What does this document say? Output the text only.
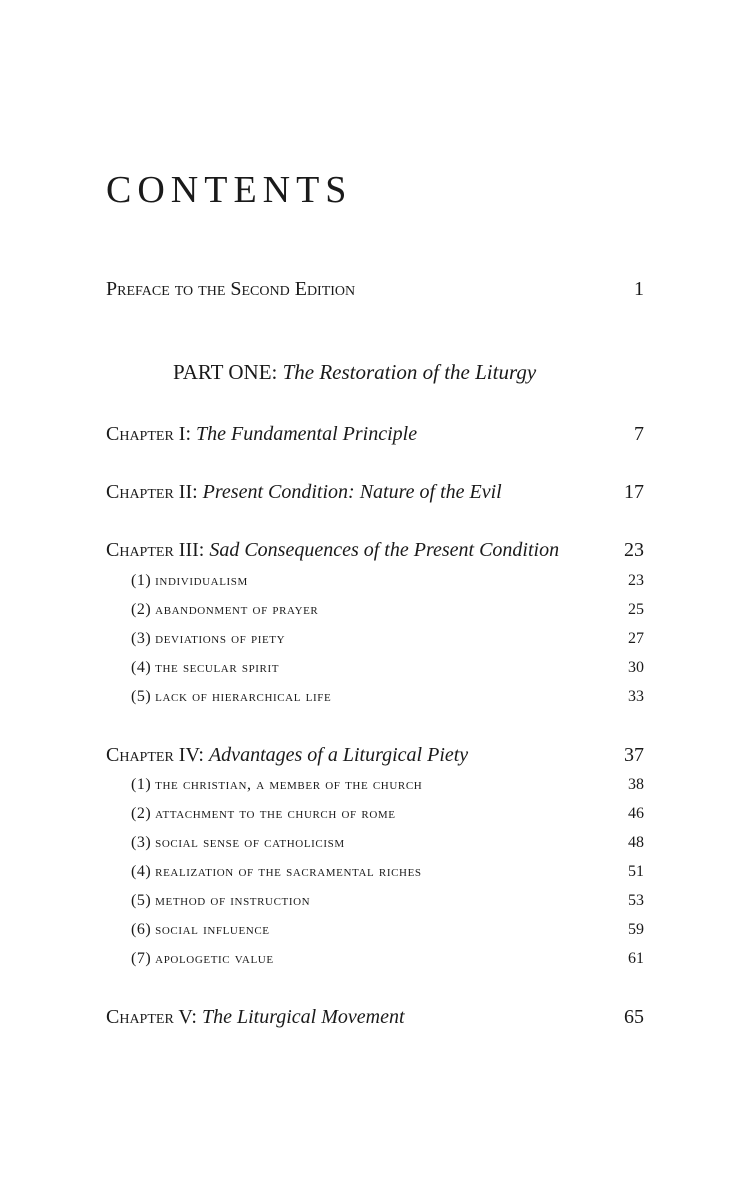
CONTENTS
Preface to the Second Edition	1
PART ONE: The Restoration of the Liturgy
Chapter I: The Fundamental Principle	7
Chapter II: Present Condition: Nature of the Evil	17
Chapter III: Sad Consequences of the Present Condition	23
(1) individualism	23
(2) abandonment of prayer	25
(3) deviations of piety	27
(4) the secular spirit	30
(5) lack of hierarchical life	33
Chapter IV: Advantages of a Liturgical Piety	37
(1) the christian, a member of the church	38
(2) attachment to the church of rome	46
(3) social sense of catholicism	48
(4) realization of the sacramental riches	51
(5) method of instruction	53
(6) social influence	59
(7) apologetic value	61
Chapter V: The Liturgical Movement	65
